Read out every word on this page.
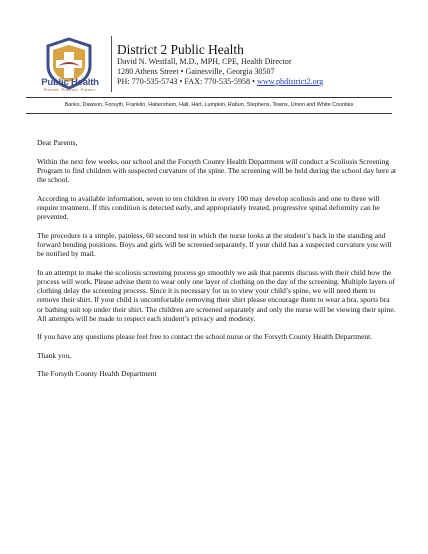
Public Health
Prevent. Promote. Protect.
District 2 Public Health
David N. Westfall, M.D., MPH, CPE, Health Director
1280 Athens Street • Gainesville, Georgia 30507
PH: 770-535-5743 • FAX: 770-535-5958 • www.phdistrict2.org
Banks, Dawson, Forsyth, Franklin, Habersham, Hall, Hart, Lumpkin, Rabun, Stephens, Towns, Union and White Counties

Dear Parents,

Within the next few weeks, our school and the Forsyth County Health Department will conduct a Scoliosis Screening Program to find children with suspected curvature of the spine. The screening will be held during the school day here at the school.

According to available information, seven to ten children in every 100 may develop scoliosis and one to three will require treatment. If this condition is detected early, and appropriately treated, progressive spinal deformity can be prevented.

The procedure is a simple, painless, 60 second test in which the nurse looks at the student’s back in the standing and forward bending positions. Boys and girls will be screened separately. If your child has a suspected curvature you will be notified by mail.

In an attempt to make the scoliosis screening process go smoothly we ask that parents discuss with their child how the process will work. Please advise them to wear only one layer of clothing on the day of the screening. Multiple layers of clothing delay the screening process. Since it is necessary for us to view your child’s spine, we will need them to remove their shirt. If your child is uncomfortable removing their shirt please encourage them to wear a bra, sports bra or bathing suit top under their shirt. The children are screened separately and only the nurse will be viewing their spine. All attempts will be made to respect each student’s privacy and modesty.

If you have any questions please feel free to contact the school nurse or the Forsyth County Health Department.

Thank you,

The Forsyth County Health Department
